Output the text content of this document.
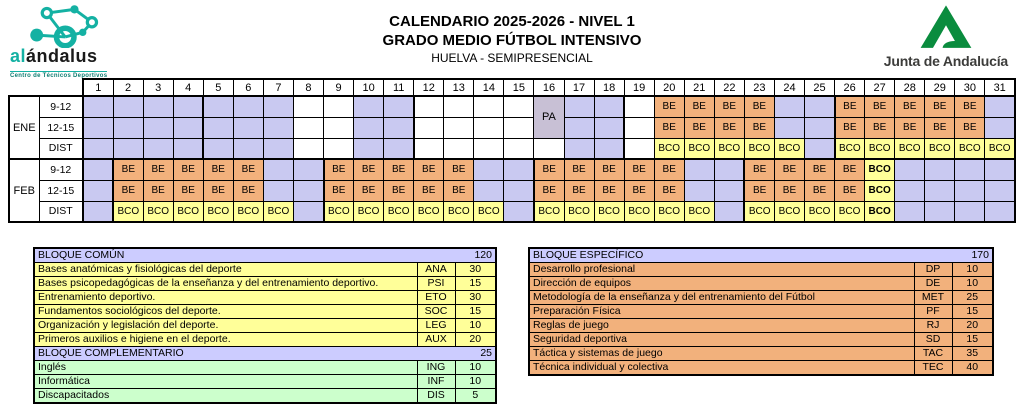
alándalus
Centro de Técnicos Deportivos
CALENDARIO 2025-2026 - NIVEL 1
GRADO MEDIO FÚTBOL INTENSIVO
HUELVA - SEMIPRESENCIAL	Junta de Andalucía
		1	2	3	4	5	6	7	8	9	10	11	12	13	14	15	16	17	18	19	20	21	22	23	24	25	26	27	28	29	30	31
ENE	9-12																PA				BE	BE	BE	BE			BE	BE	BE	BE	BE	
	12-15																				BE	BE	BE	BE			BE	BE	BE	BE	BE	
	DIST																				BCO	BCO	BCO	BCO	BCO		BCO	BCO	BCO	BCO	BCO	BCO
FEB	9-12		BE	BE	BE	BE	BE			BE	BE	BE	BE	BE			BE	BE	BE	BE	BE			BE	BE	BE	BE	BCO				
	12-15		BE	BE	BE	BE	BE			BE	BE	BE	BE	BE			BE	BE	BE	BE	BE			BE	BE	BE	BE	BCO				
	DIST		BCO	BCO	BCO	BCO	BCO	BCO		BCO	BCO	BCO	BCO	BCO	BCO		BCO	BCO	BCO	BCO	BCO	BCO		BCO	BCO	BCO	BCO	BCO				
BLOQUE COMÚN 120		

Bases anatómicas y fisiológicas del deporte	ANA	30
Bases psicopedagógicas de la enseñanza y del entrenamiento deportivo.	PSI	15
Entrenamiento deportivo.	ETO	30
Fundamentos sociológicos del deporte.	SOC	15
Organización y legislación del deporte.	LEG	10
Primeros auxilios e higiene en el deporte.	AUX	20

BLOQUE COMPLEMENTARIO 25		

Inglés	ING	10
Informática	INF	10
Discapacitados	DIS	5
BLOQUE ESPECÍFICO 170		

Desarrollo profesional	DP	10
Dirección de equipos	DE	10
Metodología de la enseñanza y del entrenamiento del Fútbol	MET	25
Preparación Física	PF	15
Reglas de juego	RJ	20
Seguridad deportiva	SD	15
Táctica y sistemas de juego	TAC	35
Técnica individual y colectiva	TEC	40
